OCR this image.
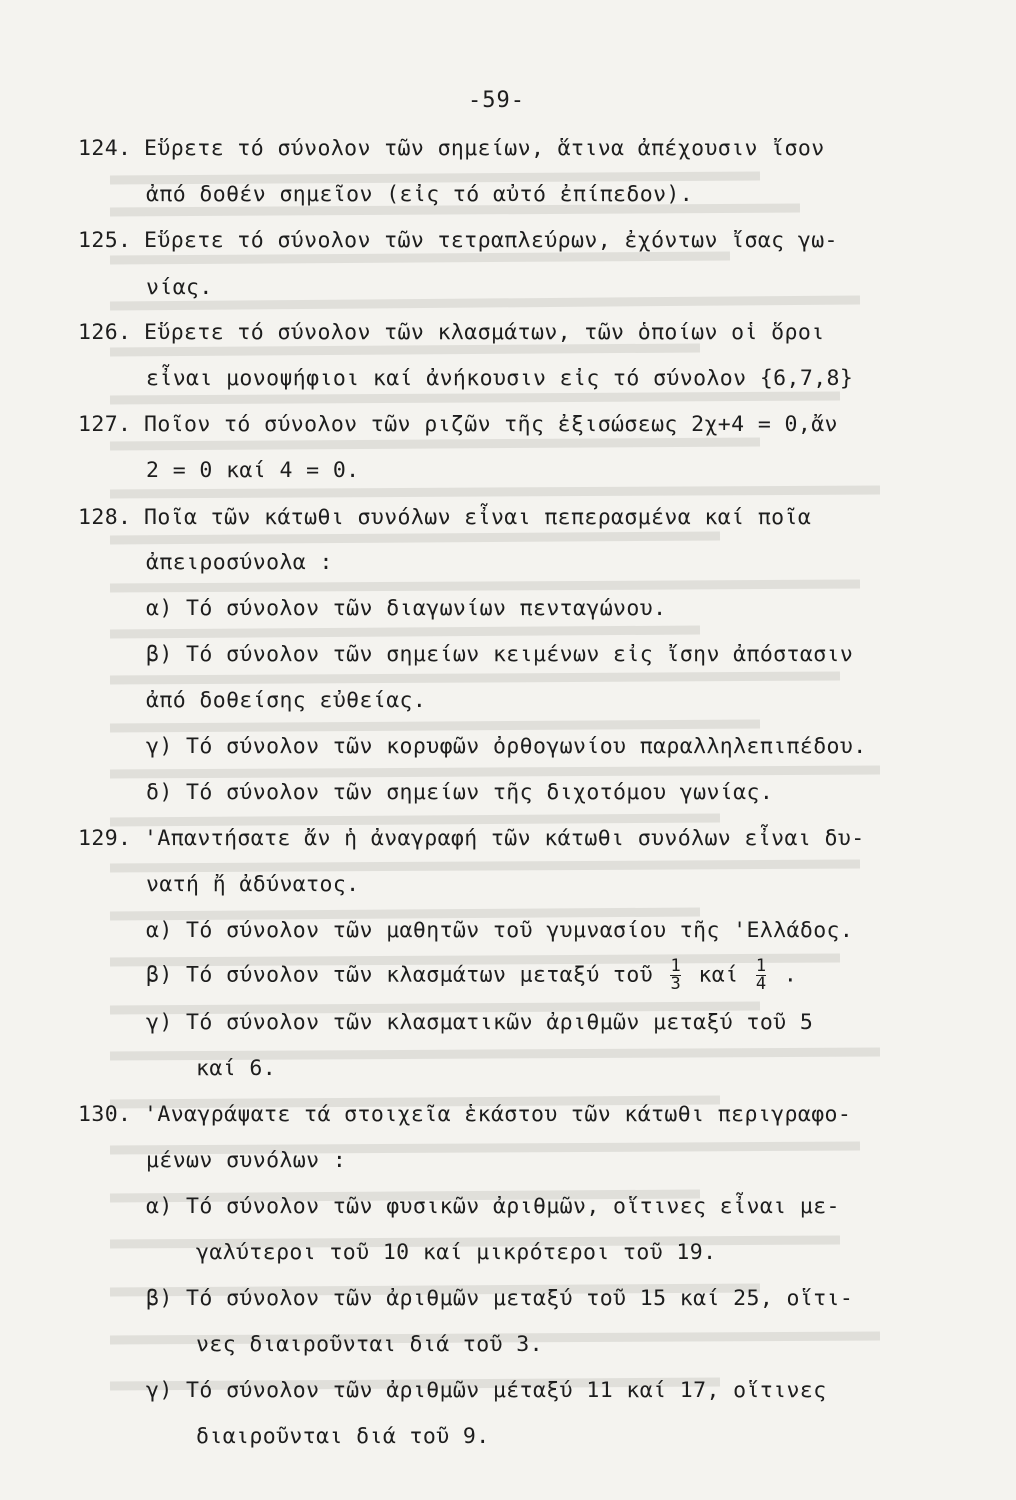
-59-
124. Εὕρετε τό σύνολον τῶν σημείων, ἅτινα ἀπέχουσιν ἴσον
ἀπό δοθέν σημεῖον (εἰς τό αὐτό ἐπίπεδον).
125. Εὕρετε τό σύνολον τῶν τετραπλεύρων, ἐχόντων ἴσας γω-
νίας.
126. Εὕρετε τό σύνολον τῶν κλασμάτων, τῶν ὁποίων οἱ ὅροι
εἶναι μονοψήφιοι καί ἀνήκουσιν εἰς τό σύνολον {6,7,8}
127. Ποῖον τό σύνολον τῶν ριζῶν τῆς ἐξισώσεως 2χ+4 = 0,ἄν
2 = 0 καί 4 = 0.
128. Ποῖα τῶν κάτωθι συνόλων εἶναι πεπερασμένα καί ποῖα
ἀπειροσύνολα :
α) Τό σύνολον τῶν διαγωνίων πενταγώνου.
β) Τό σύνολον τῶν σημείων κειμένων εἰς ἴσην ἀπόστασιν
ἀπό δοθείσης εὐθείας.
γ) Τό σύνολον τῶν κορυφῶν ὀρθογωνίου παραλληλεπιπέδου.
δ) Τό σύνολον τῶν σημείων τῆς διχοτόμου γωνίας.
129. 'Απαντήσατε ἄν ἡ ἀναγραφή τῶν κάτωθι συνόλων εἶναι δυ-
νατή ἤ ἀδύνατος.
α) Τό σύνολον τῶν μαθητῶν τοῦ γυμνασίου τῆς 'Ελλάδος.
β) Τό σύνολον τῶν κλασμάτων μεταξύ τοῦ $\frac{1}{3}$ καί $\frac{1}{4}$ .
γ) Τό σύνολον τῶν κλασματικῶν ἀριθμῶν μεταξύ τοῦ 5
καί 6.
130. 'Αναγράψατε τά στοιχεῖα ἑκάστου τῶν κάτωθι περιγραφο-
μένων συνόλων :
α) Τό σύνολον τῶν φυσικῶν ἀριθμῶν, οἵτινες εἶναι με-
γαλύτεροι τοῦ 10 καί μικρότεροι τοῦ 19.
β) Τό σύνολον τῶν ἀριθμῶν μεταξύ τοῦ 15 καί 25, οἵτι-
νες διαιροῦνται διά τοῦ 3.
γ) Τό σύνολον τῶν ἀριθμῶν μέταξύ 11 καί 17, οἵτινες
διαιροῦνται διά τοῦ 9.
